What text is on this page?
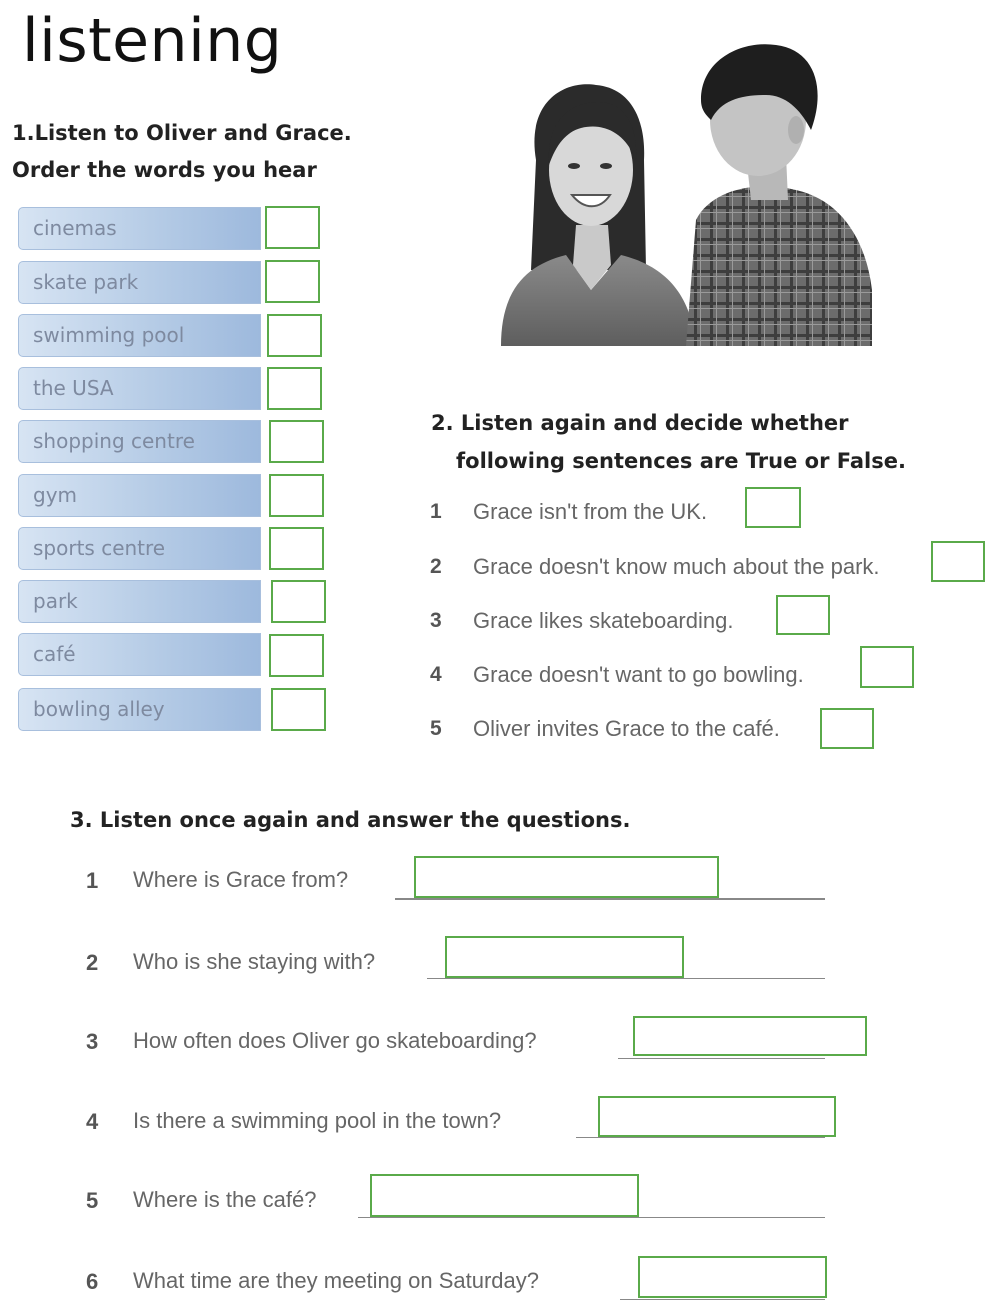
listening
1.Listen to Oliver and Grace.
Order the words you hear
cinemas
skate park
swimming pool
the USA
shopping centre
gym
sports centre
park
café
bowling alley
2. Listen again and decide whether
following sentences are True or False.
1	Grace isn't from the UK.
2	Grace doesn't know much about the park.
3	Grace likes skateboarding.
4	Grace doesn't want to go bowling.
5	Oliver invites Grace to the café.
3. Listen once again and answer the questions.
1 Where is Grace from?
2 Who is she staying with?
3 How often does Oliver go skateboarding?
4 Is there a swimming pool in the town?
5 Where is the café?
6 What time are they meeting on Saturday?
